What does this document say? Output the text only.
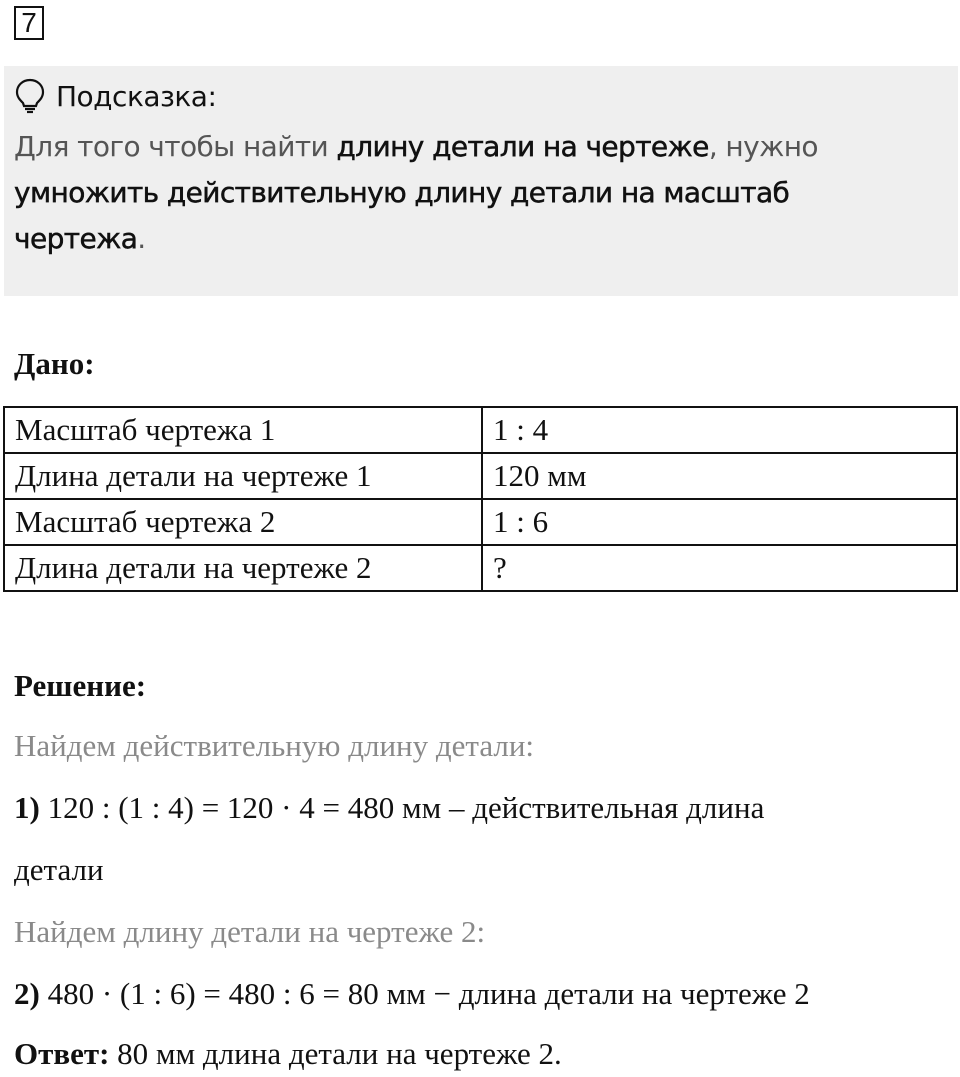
7
Подсказка:
Для того чтобы найти длину детали на чертеже, нужно
умножить действительную длину детали на масштаб
чертежа.
Дано:
Масштаб чертежа 1	1 : 4
Длина детали на чертеже 1	120 мм
Масштаб чертежа 2	1 : 6
Длина детали на чертеже 2	?
Решение:
Найдем действительную длину детали:
1) 120 : (1 : 4) = 120 · 4 = 480 мм – действительная длина
детали
Найдем длину детали на чертеже 2:
2) 480 · (1 : 6) = 480 : 6 = 80 мм − длина детали на чертеже 2
Ответ: 80 мм длина детали на чертеже 2.
